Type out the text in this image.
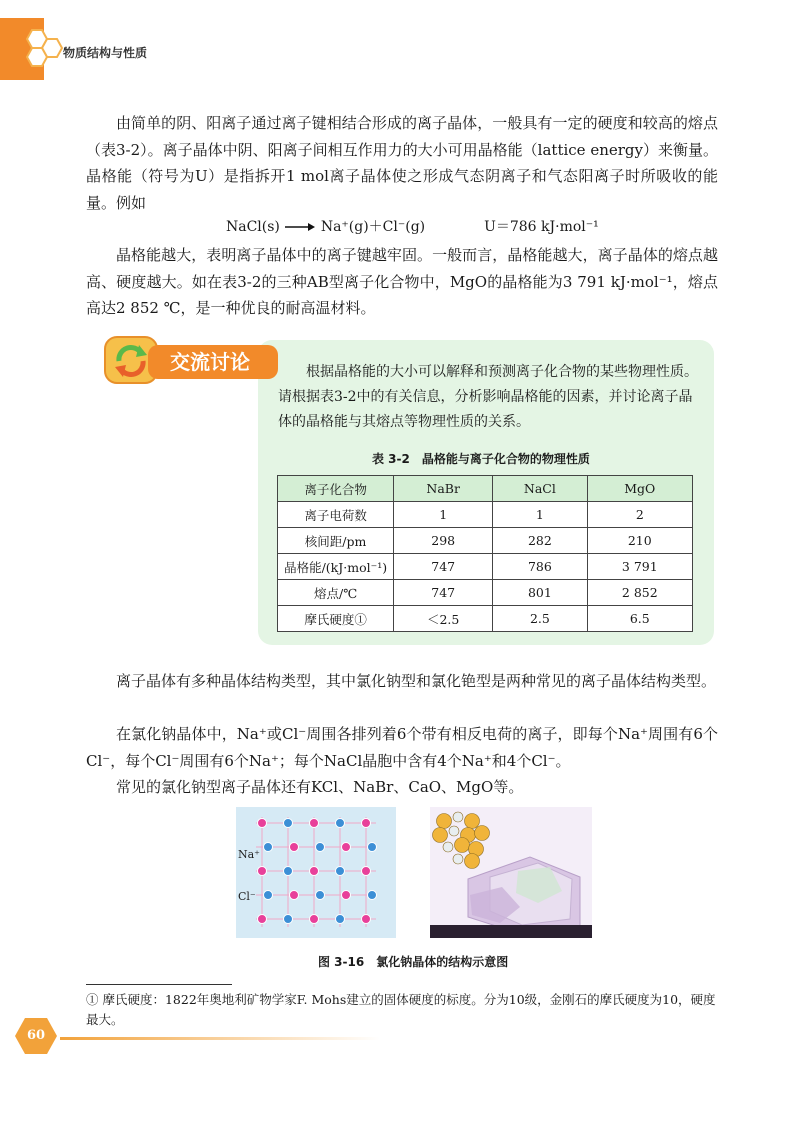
物质结构与性质

由简单的阴、阳离子通过离子键相结合形成的离子晶体，一般具有一定的硬度和较高的熔点（表3-2）。离子晶体中阴、阳离子间相互作用力的大小可用晶格能（lattice energy）来衡量。晶格能（符号为U）是指拆开1 mol离子晶体使之形成气态阴离子和气态阳离子时所吸收的能量。例如

NaCl(s) → Na⁺(g)＋Cl⁻(g)	U＝786 kJ·mol⁻¹

晶格能越大，表明离子晶体中的离子键越牢固。一般而言，晶格能越大，离子晶体的熔点越高、硬度越大。如在表3-2的三种AB型离子化合物中，MgO的晶格能为3 791 kJ·mol⁻¹，熔点高达2 852 ℃，是一种优良的耐高温材料。

交流讨论	根据晶格能的大小可以解释和预测离子化合物的某些物理性质。请根据表3-2中的有关信息，分析影响晶格能的因素，并讨论离子晶体的晶格能与其熔点等物理性质的关系。

表 3-2　晶格能与离子化合物的物理性质
离子化合物	NaBr	NaCl	MgO
离子电荷数	1	1	2
核间距/pm	298	282	210
晶格能/(kJ·mol⁻¹)	747	786	3 791
熔点/℃	747	801	2 852
摩氏硬度①	＜2.5	2.5	6.5

离子晶体有多种晶体结构类型，其中氯化钠型和氯化铯型是两种常见的离子晶体结构类型。

在氯化钠晶体中，Na⁺或Cl⁻周围各排列着6个带有相反电荷的离子，即每个Na⁺周围有6个Cl⁻，每个Cl⁻周围有6个Na⁺；每个NaCl晶胞中含有4个Na⁺和4个Cl⁻。

常见的氯化钠型离子晶体还有KCl、NaBr、CaO、MgO等。

Na⁺
Cl⁻
图 3-16　氯化钠晶体的结构示意图

① 摩氏硬度：1822年奥地利矿物学家F. Mohs建立的固体硬度的标度。分为10级，金刚石的摩氏硬度为10，硬度最大。

60
